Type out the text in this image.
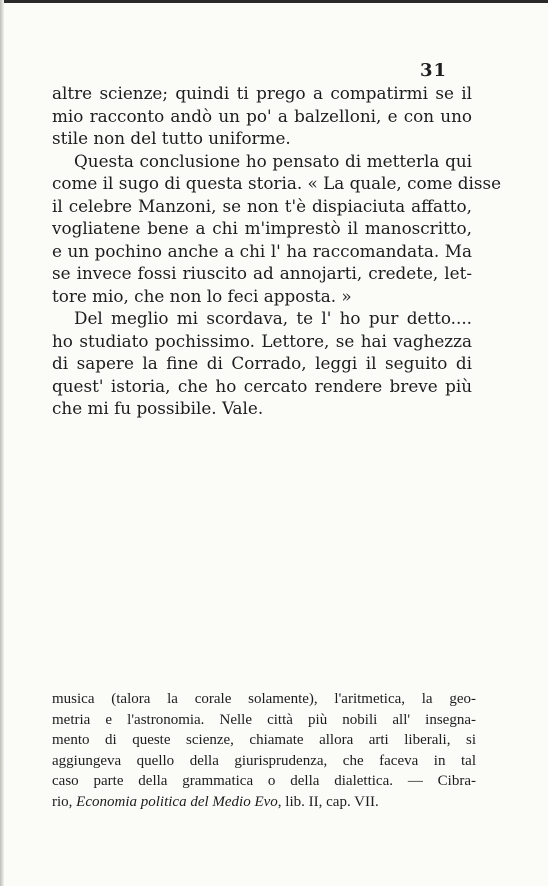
31
altre scienze; quindi ti prego a compatirmi se il
mio racconto andò un po' a balzelloni, e con uno
stile non del tutto uniforme.
Questa conclusione ho pensato di metterla qui
come il sugo di questa storia. « La quale, come disse
il celebre Manzoni, se non t'è dispiaciuta affatto,
vogliatene bene a chi m'imprestò il manoscritto,
e un pochino anche a chi l' ha raccomandata. Ma
se invece fossi riuscito ad annojarti, credete, let-
tore mio, che non lo feci apposta. »
Del meglio mi scordava, te l' ho pur detto....
ho studiato pochissimo. Lettore, se hai vaghezza
di sapere la fine di Corrado, leggi il seguito di
quest' istoria, che ho cercato rendere breve più
che mi fu possibile. Vale.
musica (talora la corale solamente), l'aritmetica, la geo-
metria e l'astronomia. Nelle città più nobili all' insegna-
mento di queste scienze, chiamate allora arti liberali, si
aggiungeva quello della giurisprudenza, che faceva in tal
caso parte della grammatica o della dialettica. — Cibra-
rio, Economia politica del Medio Evo, lib. II, cap. VII.
